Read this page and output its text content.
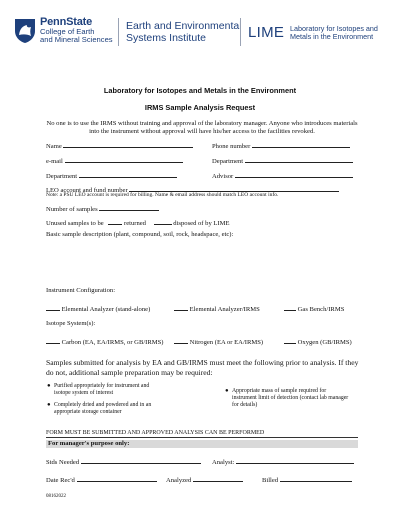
PennState
College of Earth
and Mineral Sciences
Earth and Environmental
Systems Institute	LIME Laboratory for Isotopes and
Metals in the Environment
Laboratory for Isotopes and Metals in the Environment
IRMS Sample Analysis Request
No one is to use the IRMS without training and approval of the laboratory manager. Anyone who introduces materials into the instrument without approval will have his/her access to the facilities revoked.
Name	Phone number
e-mail	Department
Department	Advisor
LEO account and fund number
Note: a PSU LEO account is required for billing. Name & email address should match LEO account info.
Number of samples
Unused samples to be	returned	disposed of by LIME
Basic sample description (plant, compound, soil, rock, headspace, etc):
Instrument Configuration:
Elemental Analyzer (stand-alone)	Elemental Analyzer/IRMS	Gas Bench/IRMS
Isotope System(s):
Carbon (EA, EA/IRMS, or GB/IRMS)	Nitrogen (EA or EA/IRMS)	Oxygen (GB/IRMS)
Samples submitted for analysis by EA and GB/IRMS must meet the following prior to analysis. If they do not, additional sample preparation may be required:
● Purified appropriately for instrument and isotope system of interest
● Completely dried and powdered and in an appropriate storage container
● Appropriate mass of sample required for instrument limit of detection (contact lab manager for details)
FORM MUST BE SUBMITTED AND APPROVED ANALYSIS CAN BE PERFORMED
For manager's purpose only:
Stds Needed	Analyst:
Date Rec'd	Analyzed	Billed
08162022
